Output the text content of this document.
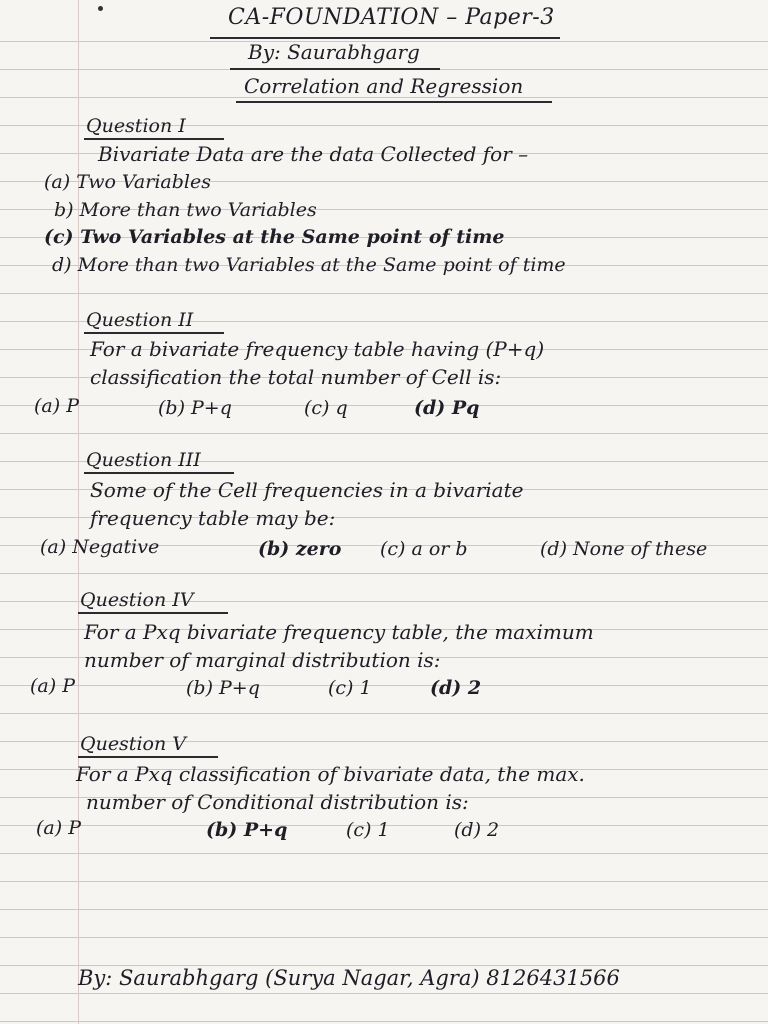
CA-FOUNDATION – Paper-3
By: Saurabhgarg
Correlation and Regression
Question I
Bivariate Data are the data Collected for –
(a) Two Variables
b) More than two Variables
(c) Two Variables at the Same point of time
d) More than two Variables at the Same point of time
Question II
For a bivariate frequency table having (P+q)
classification the total number of Cell is:
(a) P	(b) P+q	(c) q	(d) Pq
Question III
Some of the Cell frequencies in a bivariate
frequency table may be:
(a) Negative	(b) zero (c) a or b	(d) None of these
Question IV
For a Pxq bivariate frequency table, the maximum
number of marginal distribution is:
(a) P	(b) P+q	(c) 1	(d) 2
Question V
For a Pxq classification of bivariate data, the max.
number of Conditional distribution is:
(a) P	(b) P+q	(c) 1	(d) 2
By: Saurabhgarg (Surya Nagar, Agra) 8126431566
